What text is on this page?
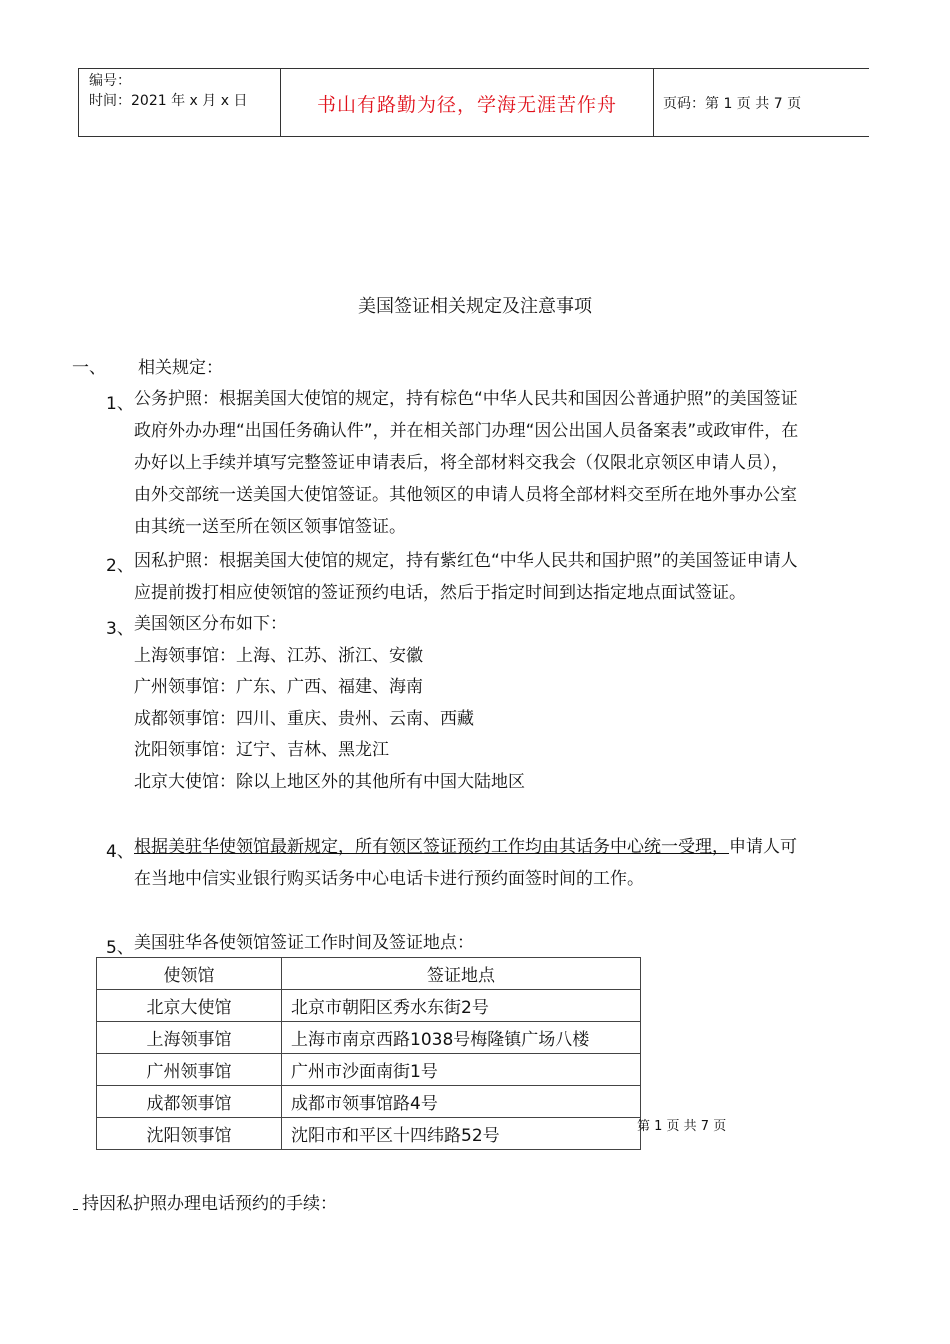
编号：
时间：2021 年 x 月 x 日	书山有路勤为径，学海无涯苦作舟	页码：第 1 页 共 7 页
美国签证相关规定及注意事项
一、 相关规定：
1、 公务护照：根据美国大使馆的规定，持有棕色“中华人民共和国因公普通护照”的美国签证
政府外办办理“出国任务确认件”，并在相关部门办理“因公出国人员备案表”或政审件，在
办好以上手续并填写完整签证申请表后，将全部材料交我会（仅限北京领区申请人员），
由外交部统一送美国大使馆签证。其他领区的申请人员将全部材料交至所在地外事办公室
由其统一送至所在领区领事馆签证。
2、 因私护照：根据美国大使馆的规定，持有紫红色“中华人民共和国护照”的美国签证申请人
应提前拨打相应使领馆的签证预约电话，然后于指定时间到达指定地点面试签证。
3、 美国领区分布如下：
上海领事馆：上海、江苏、浙江、安徽
广州领事馆：广东、广西、福建、海南
成都领事馆：四川、重庆、贵州、云南、西藏
沈阳领事馆：辽宁、吉林、黑龙江
北京大使馆：除以上地区外的其他所有中国大陆地区
4、 根据美驻华使领馆最新规定，所有领区签证预约工作均由其话务中心统一受理，申请人可
在当地中信实业银行购买话务中心电话卡进行预约面签时间的工作。
5、 美国驻华各使领馆签证工作时间及签证地点：
使领馆	签证地点
北京大使馆	北京市朝阳区秀水东街2号
上海领事馆	上海市南京西路1038号梅隆镇广场八楼
广州领事馆	广州市沙面南街1号
成都领事馆	成都市领事馆路4号
沈阳领事馆	沈阳市和平区十四纬路52号	第 1 页 共 7 页
持因私护照办理电话预约的手续：
